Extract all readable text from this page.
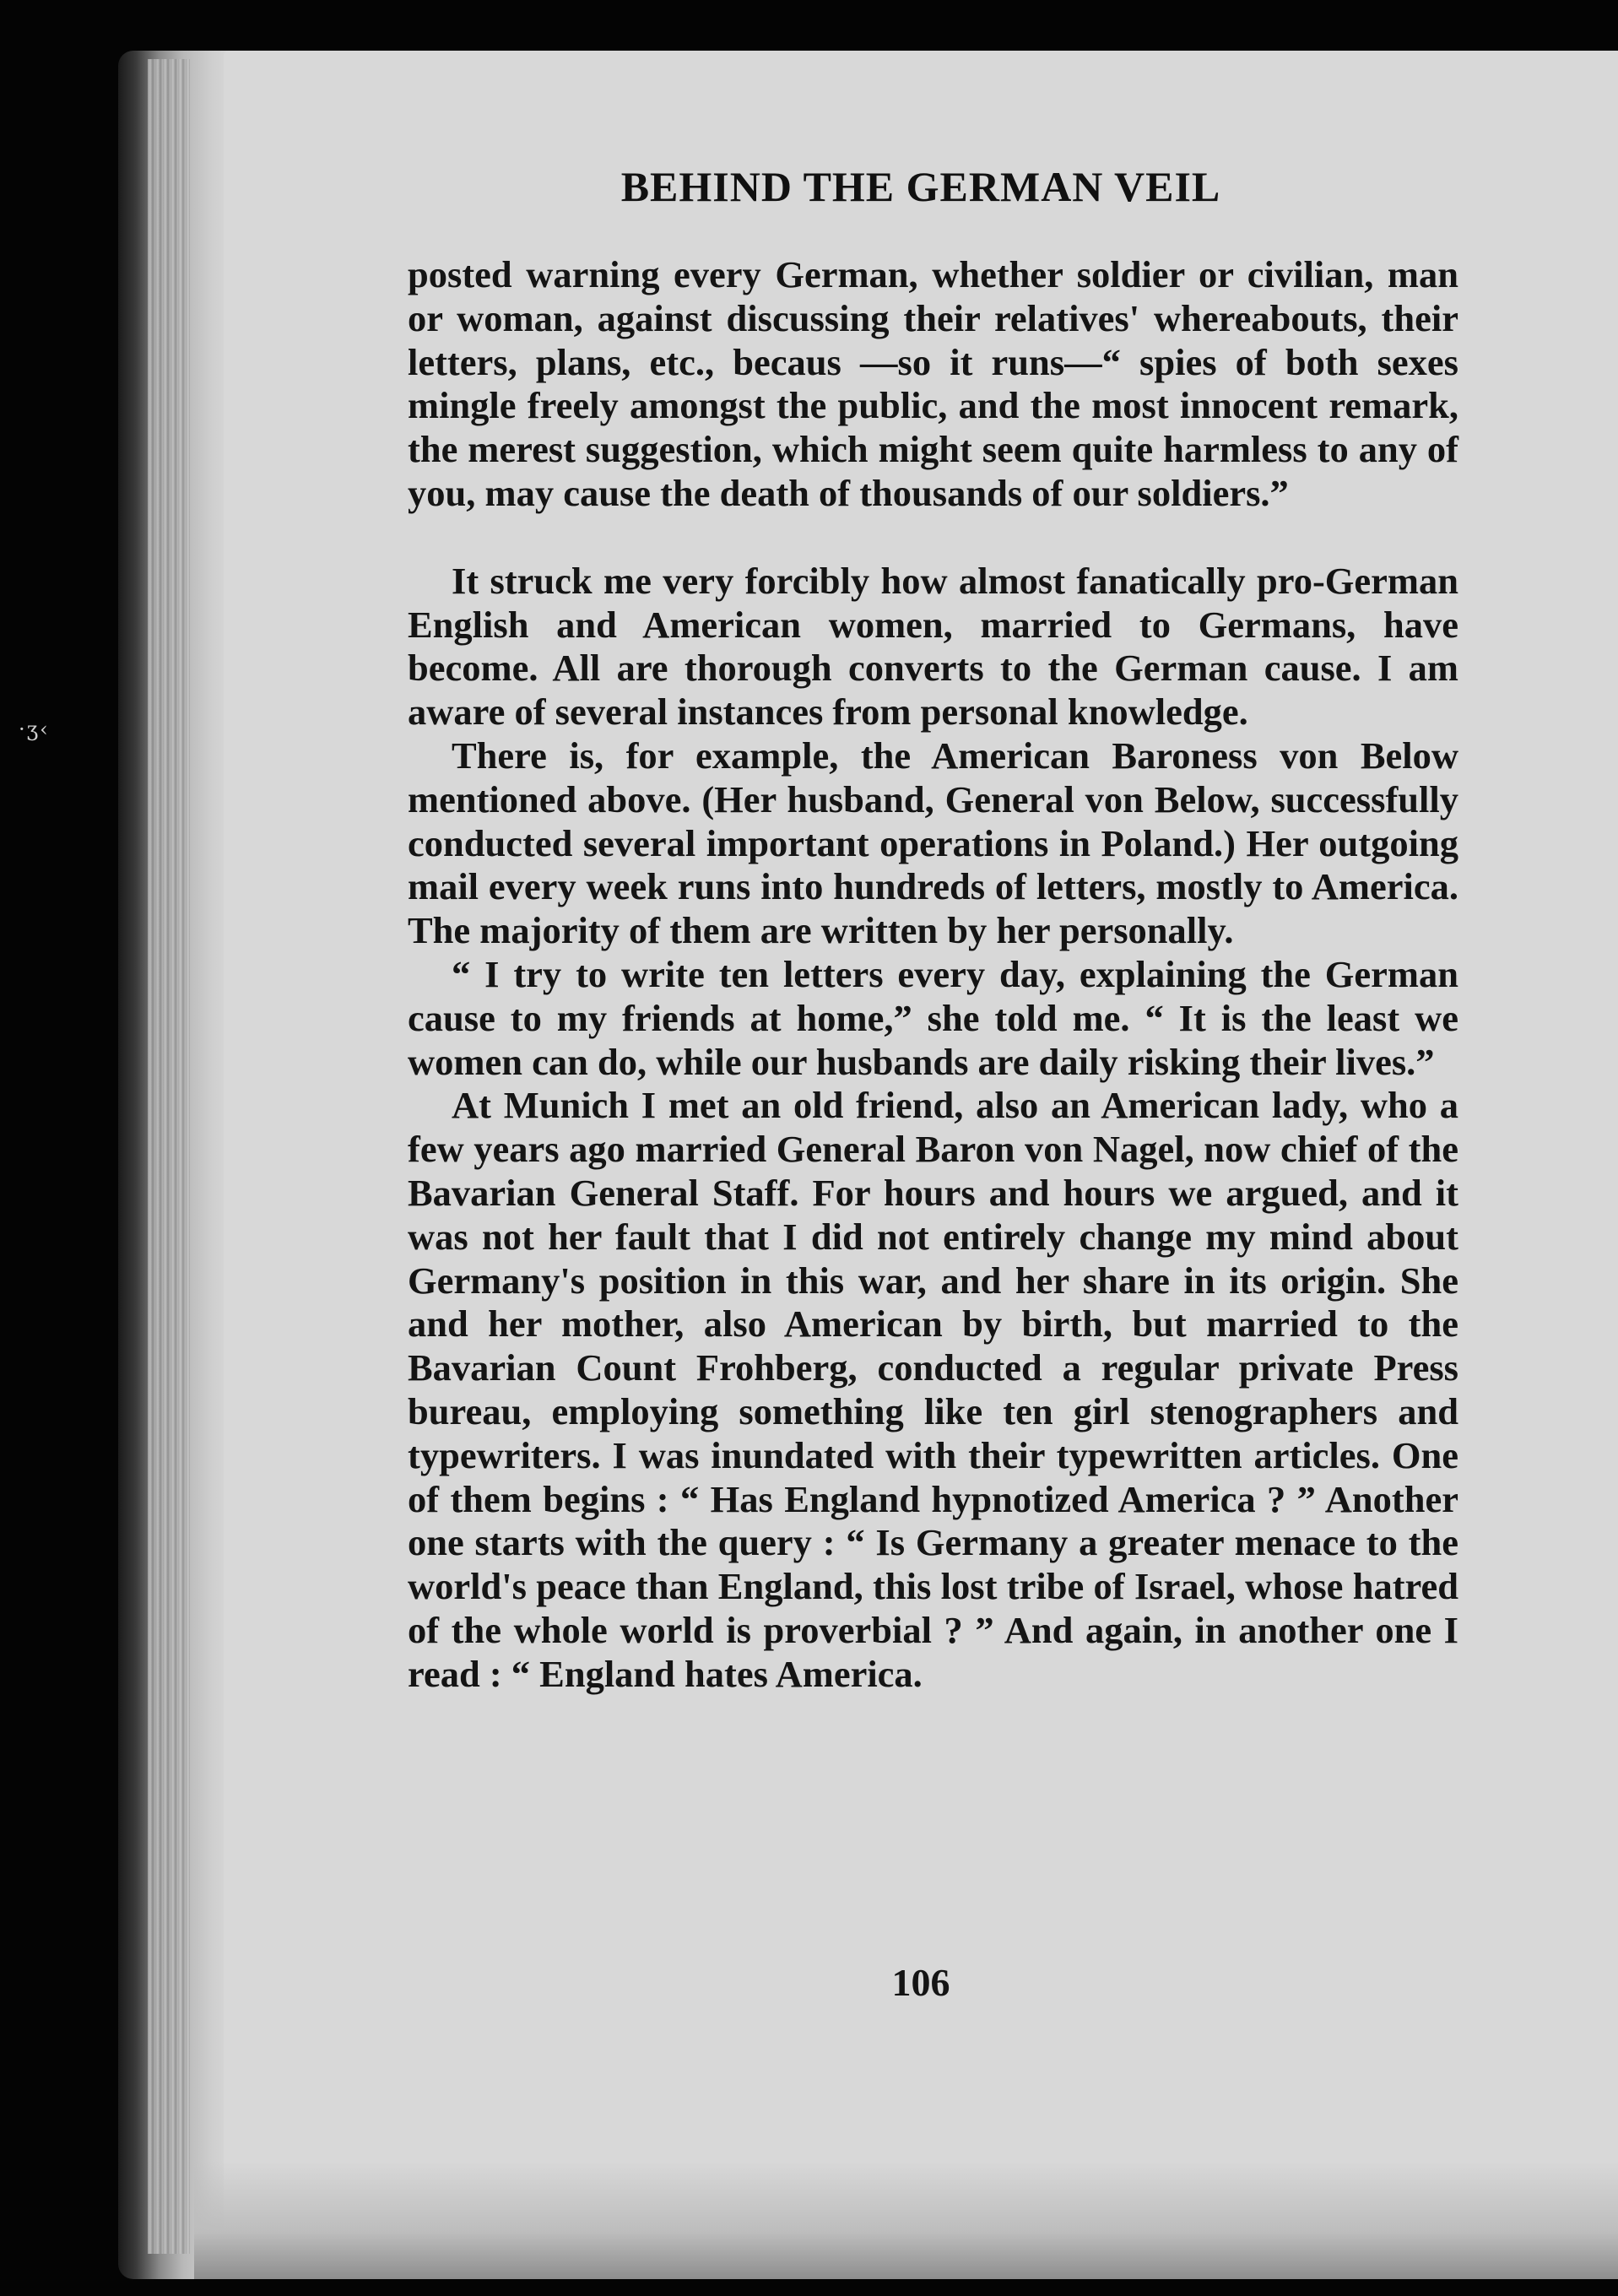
·ʒ‹
BEHIND THE GERMAN VEIL

posted warning every German, whether soldier or civilian, man or woman, against discussing their relatives' whereabouts, their letters, plans, etc., becaus —so it runs—“ spies of both sexes mingle freely amongst the public, and the most innocent remark, the merest suggestion, which might seem quite harmless to any of you, may cause the death of thousands of our soldiers.”

It struck me very forcibly how almost fanatically pro-German English and American women, married to Germans, have become. All are thorough converts to the German cause. I am aware of several instances from personal knowledge.

There is, for example, the American Baroness von Below mentioned above. (Her husband, General von Below, successfully conducted several important operations in Poland.) Her outgoing mail every week runs into hundreds of letters, mostly to America. The majority of them are written by her personally.

“ I try to write ten letters every day, explaining the German cause to my friends at home,” she told me. “ It is the least we women can do, while our husbands are daily risking their lives.”

At Munich I met an old friend, also an American lady, who a few years ago married General Baron von Nagel, now chief of the Bavarian General Staff. For hours and hours we argued, and it was not her fault that I did not entirely change my mind about Germany's position in this war, and her share in its origin. She and her mother, also American by birth, but married to the Bavarian Count Frohberg, conducted a regular private Press bureau, employing something like ten girl stenographers and typewriters. I was inundated with their typewritten articles. One of them begins : “ Has England hypnotized America ? ” Another one starts with the query : “ Is Germany a greater menace to the world's peace than England, this lost tribe of Israel, whose hatred of the whole world is proverbial ? ” And again, in another one I read : “ England hates America.

106
